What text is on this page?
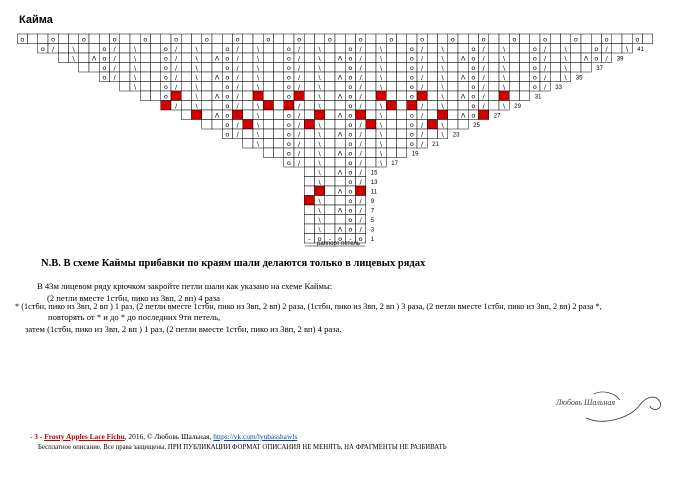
Кайма
o	o	o	o	o	o	o	o	o	o	o	o	o	o	o	o	o	o	o	o	o
o /	\	o /	\	o /	\	o /	\	o /	\	o /	\	o /	\	o /	\	o /	\	o /	\ 41
\	Λ o /	\	o /	\	Λ o /	\	o /	\	Λ o /	\	o /	\	Λ o /	\	o /	\	Λ o / 39
o /	\	o /	\	o /	\	o /	\	o /	\	o /	\	o /	\	o /	\	37
o /	\	o /	\	Λ o /	\	o /	\	Λ o /	\	o /	\	Λ o /	\	o /	\ 35
\	o /	\	o /	\	o /	\	o /	\	o /	\	o /	\	o / 33
o	\	Λ o /	o	\	Λ o /	o	\	Λ o /	31
/	\	o /	\	/	\	o /	\	/	\	o /	\ 29
Λ o	\	o /	Λ o	\	o /	Λ o	27
o /	\	o /	\	o /	\	o /	\	25
o /	\	o /	\	Λ o /	\	o /	\ 23
\	o /	\	o /	\	o / 21
o /	\	Λ o /	\	19
o /	\	o /	\ 17
\	Λ o / 15
\	o / 13
Λ o	11
\	o / 9
\	Λ o / 7
\	o / 5
\	Λ o / 3
- o - o - o 1
раппорт петель
N.B. В схеме Каймы прибавки по краям шали делаются только в лицевых рядах
В 43м лицевом ряду крючком закройте петли шали как указано на схеме Каймы:
(2 петли вместе 1стбн, пико из 3вп, 2 вп) 4 раза
* (1стбн, пико из 3вп, 2 вп ) 1 раз, (2 петли вместе 1стбн, пико из 3вп, 2 вп) 2 раза, (1стбн, пико из 3вп, 2 вп ) 3 раза, (2 петли вместе 1стбн, пико из 3вп, 2 вп) 2 раза *,
повторять от * и до * до последних 9ти петель,
затем (1стбн, пико из 3вп, 2 вп ) 1 раз, (2 петли вместе 1стбн, пико из 3вп, 2 вп) 4 раза.
Любовь Шальная
- 3 - Frosty Apples Lace Fichu, 2016, © Любовь Шальная, https://vk.com/lyubasshawls
Бесплатное описание. Все права защищены. ПРИ ПУБЛИКАЦИИ ФОРМАТ ОПИСАНИЯ НЕ МЕНЯТЬ, НА ФРАГМЕНТЫ НЕ РАЗБИВАТЬ
